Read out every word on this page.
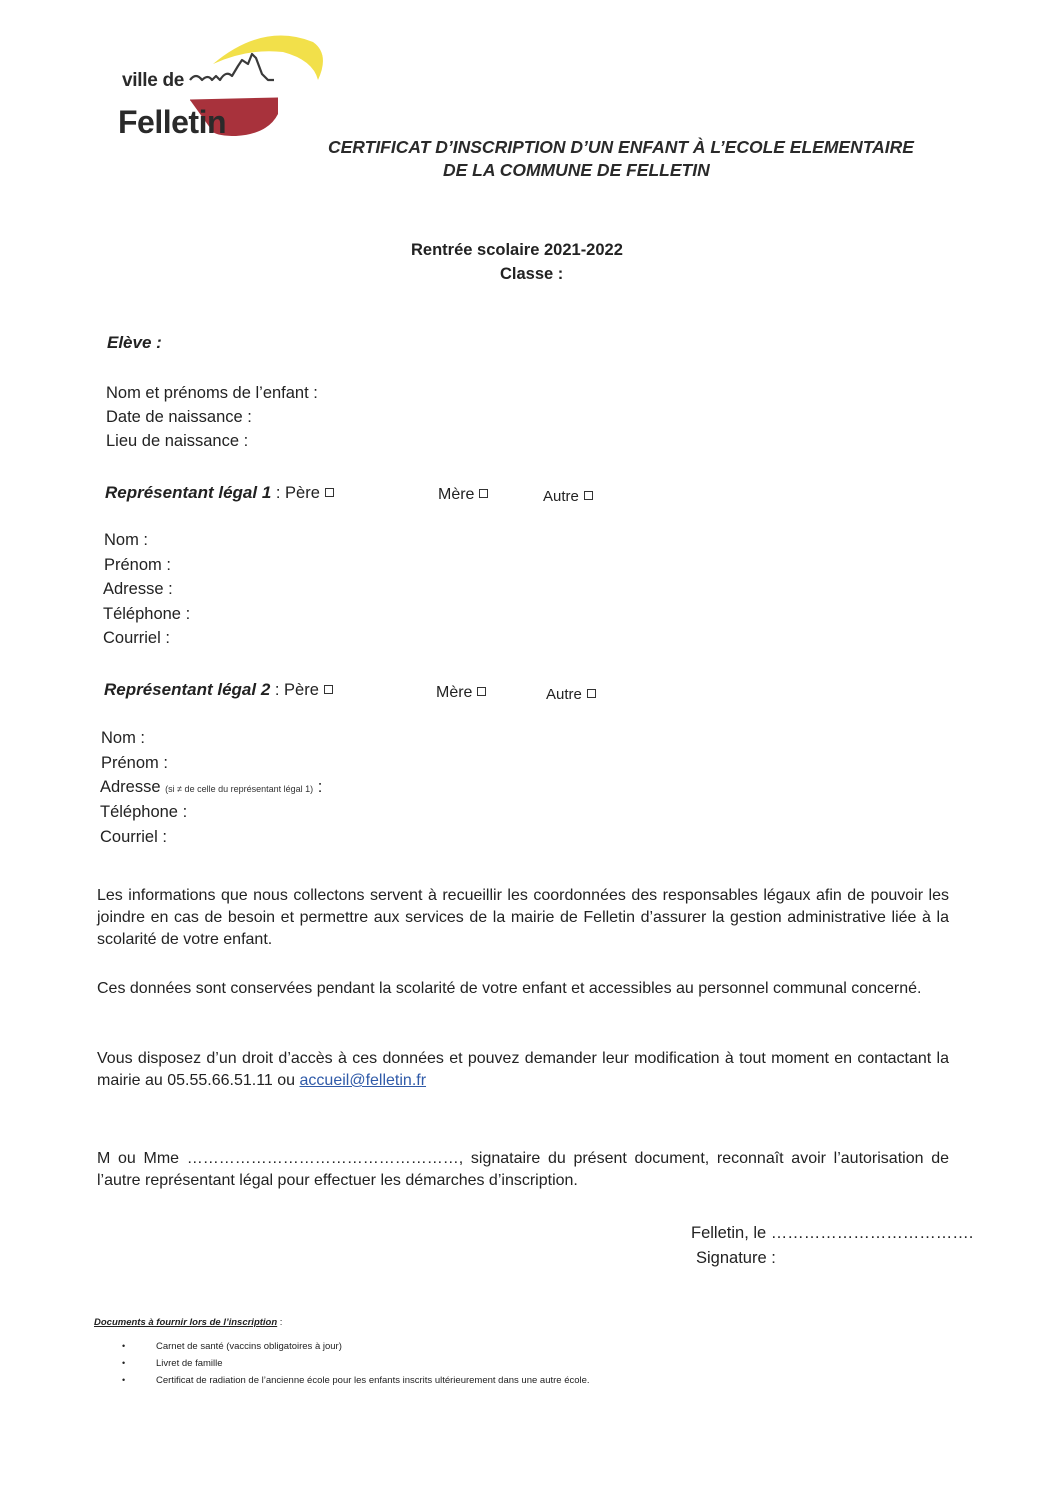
ville de
Felletin
CERTIFICAT D’INSCRIPTION D’UN ENFANT À L’ECOLE ELEMENTAIRE
DE LA COMMUNE DE FELLETIN
Rentrée scolaire 2021-2022
Classe :
Elève :
Nom et prénoms de l’enfant :
Date de naissance :
Lieu de naissance :
Représentant légal 1 : Père	Mère	Autre
Nom :
Prénom :
Adresse :
Téléphone :
Courriel :
Représentant légal 2 : Père	Mère	Autre
Nom :
Prénom :
Adresse (si ≠ de celle du représentant légal 1) :
Téléphone :
Courriel :
Les informations que nous collectons servent à recueillir les coordonnées des responsables légaux afin de pouvoir les joindre en cas de besoin et permettre aux services de la mairie de Felletin d’assurer la gestion administrative liée à la scolarité de votre enfant.
Ces données sont conservées pendant la scolarité de votre enfant et accessibles au personnel communal concerné.
Vous disposez d’un droit d’accès à ces données et pouvez demander leur modification à tout moment en contactant la mairie au 05.55.66.51.11 ou accueil@felletin.fr
M ou Mme ……………………………………………, signataire du présent document, reconnaît avoir l’autorisation de l’autre représentant légal pour effectuer les démarches d’inscription.
Felletin, le ……………………………….
Signature :
Documents à fournir lors de l’inscription :
• Carnet de santé (vaccins obligatoires à jour)
• Livret de famille
• Certificat de radiation de l’ancienne école pour les enfants inscrits ultérieurement dans une autre école.
